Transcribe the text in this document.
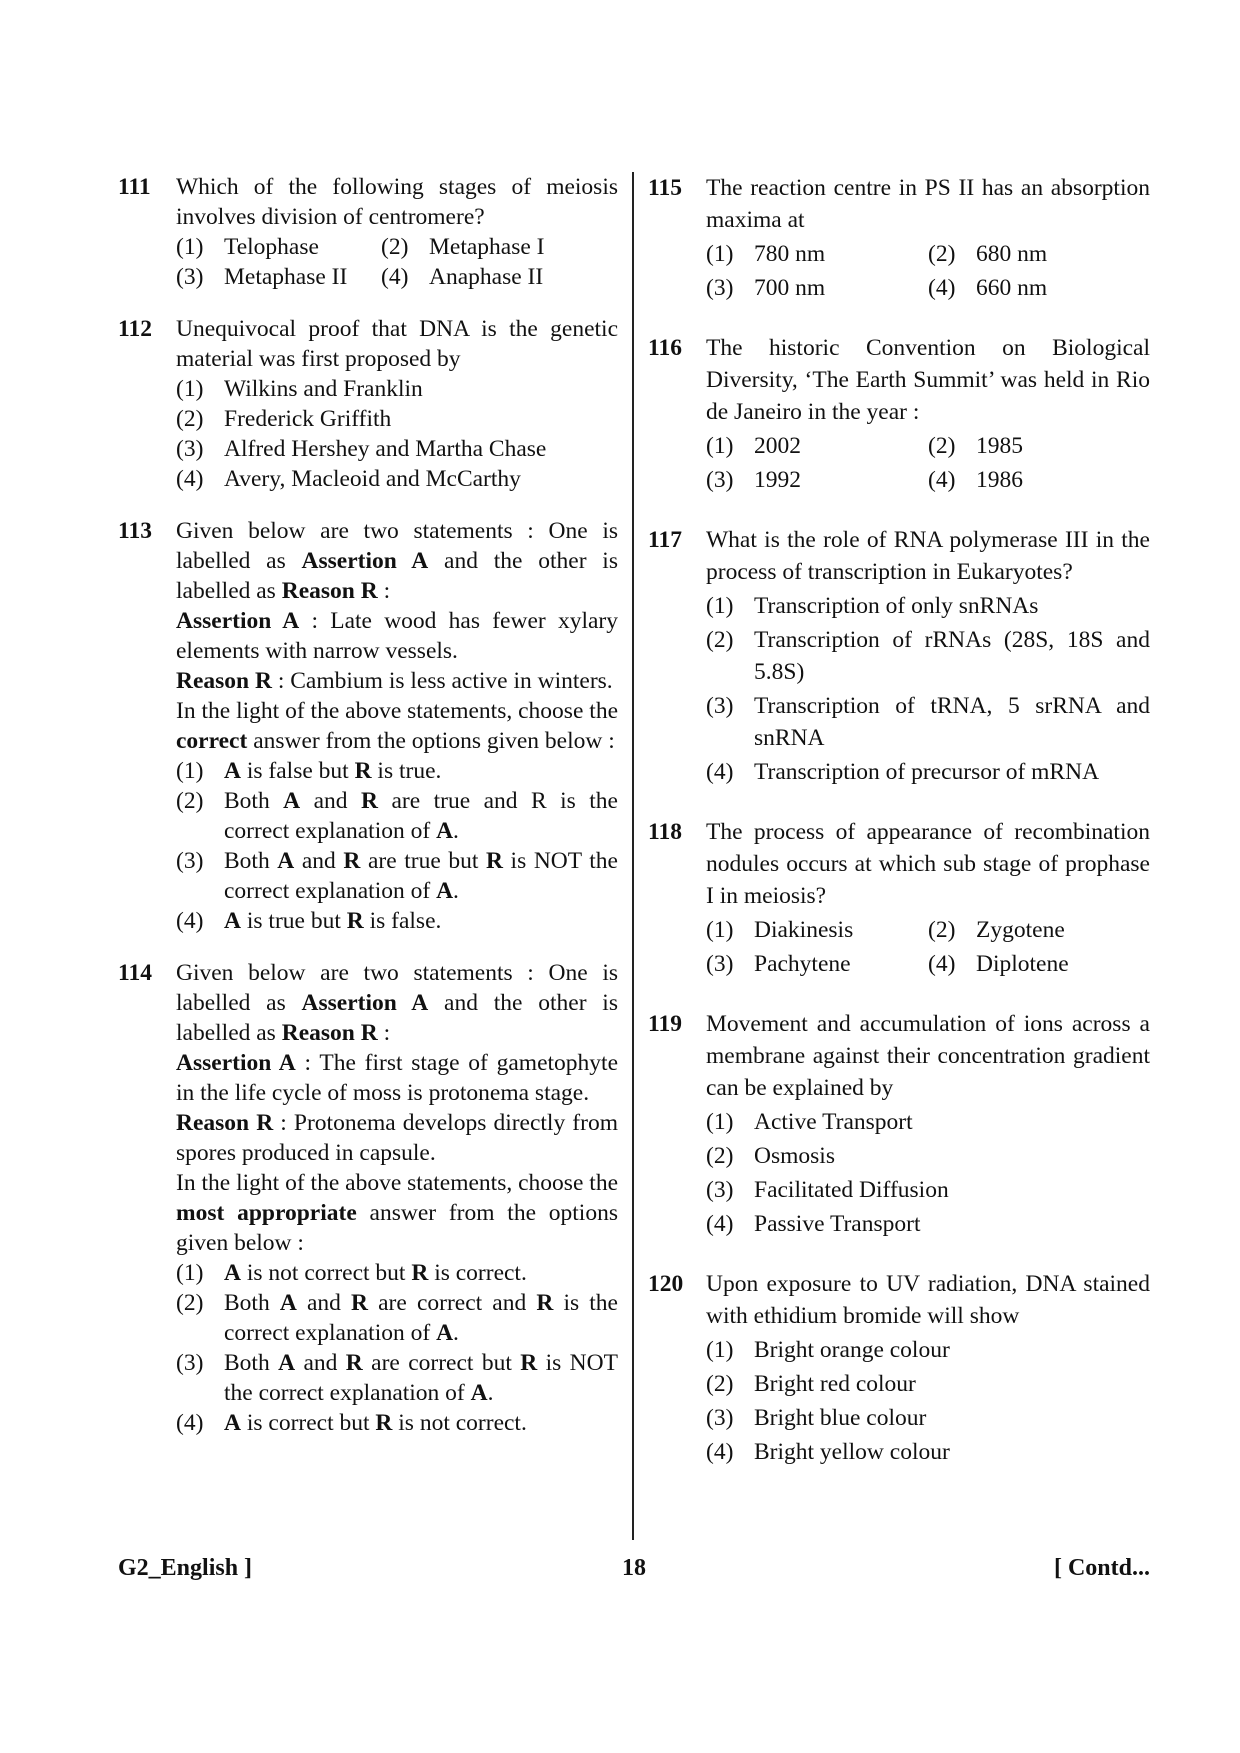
111	Which of the following stages of meiosis involves division of centromere?
(1) Telophase	(2) Metaphase I
(3) Metaphase II	(4) Anaphase II
112	Unequivocal proof that DNA is the genetic material was first proposed by
(1) Wilkins and Franklin
(2) Frederick Griffith
(3) Alfred Hershey and Martha Chase
(4) Avery, Macleoid and McCarthy
113	Given below are two statements : One is labelled as Assertion A and the other is labelled as Reason R :
Assertion A : Late wood has fewer xylary elements with narrow vessels.
Reason R : Cambium is less active in winters.
In the light of the above statements, choose the correct answer from the options given below :
(1) A is false but R is true.
(2) Both A and R are true and R is the correct explanation of A.
(3) Both A and R are true but R is NOT the correct explanation of A.
(4) A is true but R is false.
114	Given below are two statements : One is labelled as Assertion A and the other is labelled as Reason R :
Assertion A : The first stage of gametophyte in the life cycle of moss is protonema stage.
Reason R : Protonema develops directly from spores produced in capsule.
In the light of the above statements, choose the most appropriate answer from the options given below :
(1) A is not correct but R is correct.
(2) Both A and R are correct and R is the correct explanation of A.
(3) Both A and R are correct but R is NOT the correct explanation of A.
(4) A is correct but R is not correct.
115	The reaction centre in PS II has an absorption maxima at
(1) 780 nm	(2) 680 nm
(3) 700 nm	(4) 660 nm
116	The historic Convention on Biological Diversity, ‘The Earth Summit’ was held in Rio de Janeiro in the year :
(1) 2002	(2) 1985
(3) 1992	(4) 1986
117	What is the role of RNA polymerase III in the process of transcription in Eukaryotes?
(1) Transcription of only snRNAs
(2) Transcription of rRNAs (28S, 18S and 5.8S)
(3) Transcription of tRNA, 5 srRNA and snRNA
(4) Transcription of precursor of mRNA
118	The process of appearance of recombination nodules occurs at which sub stage of prophase I in meiosis?
(1) Diakinesis	(2) Zygotene
(3) Pachytene	(4) Diplotene
119	Movement and accumulation of ions across a membrane against their concentration gradient can be explained by
(1) Active Transport
(2) Osmosis
(3) Facilitated Diffusion
(4) Passive Transport
120 Upon exposure to UV radiation, DNA stained with ethidium bromide will show
(1) Bright orange colour
(2) Bright red colour
(3) Bright blue colour
(4) Bright yellow colour
G2_English ]	18	[ Contd...
